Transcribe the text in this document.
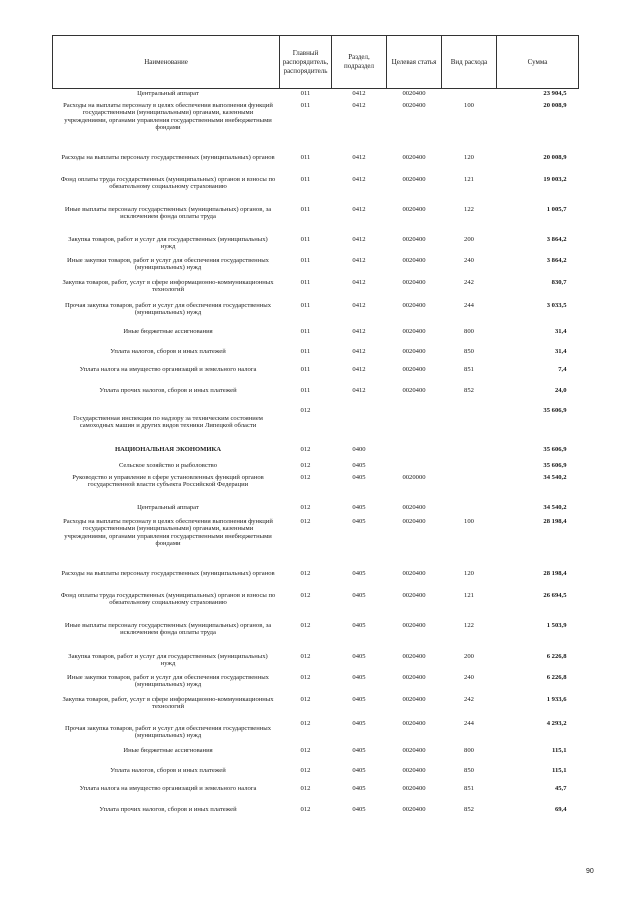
Наименование	Главный распорядитель, распорядитель	Раздел, подраздел	Целевая статья	Вид расхода	Сумма
Центральный аппарат	011	0412	0020400		23 904,5
Расходы на выплаты персоналу в целях обеспечения выполнения функций государственными (муниципальными) органами, казенными учреждениями, органами управления государственными внебюджетными фондами	011	0412	0020400	100	20 008,9
Расходы на выплаты персоналу государственных (муниципальных) органов	011	0412	0020400	120	20 008,9
Фонд оплаты труда государственных (муниципальных) органов и взносы по обязательному социальному страхованию	011	0412	0020400	121	19 003,2
Иные выплаты персоналу государственных (муниципальных) органов, за исключением фонда оплаты труда	011	0412	0020400	122	1 005,7
Закупка товаров, работ и услуг для государственных (муниципальных) нужд	011	0412	0020400	200	3 864,2
Иные закупки товаров, работ и услуг для обеспечения государственных (муниципальных) нужд	011	0412	0020400	240	3 864,2
Закупка товаров, работ, услуг в сфере информационно-коммуникационных технологий	011	0412	0020400	242	830,7
Прочая закупка товаров, работ и услуг для обеспечения государственных (муниципальных) нужд	011	0412	0020400	244	3 033,5
Иные бюджетные ассигнования	011	0412	0020400	800	31,4
Уплата налогов, сборов и иных платежей	011	0412	0020400	850	31,4
Уплата налога на имущество организаций и земельного налога	011	0412	0020400	851	7,4
Уплата прочих налогов, сборов и иных платежей	011	0412	0020400	852	24,0
Государственная инспекция по надзору за техническим состоянием самоходных машин и других видов техники Липецкой области	012				35 606,9
НАЦИОНАЛЬНАЯ ЭКОНОМИКА	012	0400			35 606,9
Сельское хозяйство и рыболовство	012	0405			35 606,9
Руководство и управление в сфере установленных функций органов государственной власти субъекта Российской Федерации	012	0405	0020000		34 540,2
Центральный аппарат	012	0405	0020400		34 540,2
Расходы на выплаты персоналу в целях обеспечения выполнения функций государственными (муниципальными) органами, казенными учреждениями, органами управления государственными внебюджетными фондами	012	0405	0020400	100	28 198,4
Расходы на выплаты персоналу государственных (муниципальных) органов	012	0405	0020400	120	28 198,4
Фонд оплаты труда государственных (муниципальных) органов и взносы по обязательному социальному страхованию	012	0405	0020400	121	26 694,5
Иные выплаты персоналу государственных (муниципальных) органов, за исключением фонда оплаты труда	012	0405	0020400	122	1 503,9
Закупка товаров, работ и услуг для государственных (муниципальных) нужд	012	0405	0020400	200	6 226,8
Иные закупки товаров, работ и услуг для обеспечения государственных (муниципальных) нужд	012	0405	0020400	240	6 226,8
Закупка товаров, работ, услуг в сфере информационно-коммуникационных технологий	012	0405	0020400	242	1 933,6
Прочая закупка товаров, работ и услуг для обеспечения государственных (муниципальных) нужд	012	0405	0020400	244	4 293,2
Иные бюджетные ассигнования	012	0405	0020400	800	115,1
Уплата налогов, сборов и иных платежей	012	0405	0020400	850	115,1
Уплата налога на имущество организаций и земельного налога	012	0405	0020400	851	45,7
Уплата прочих налогов, сборов и иных платежей	012	0405	0020400	852	69,4
90
